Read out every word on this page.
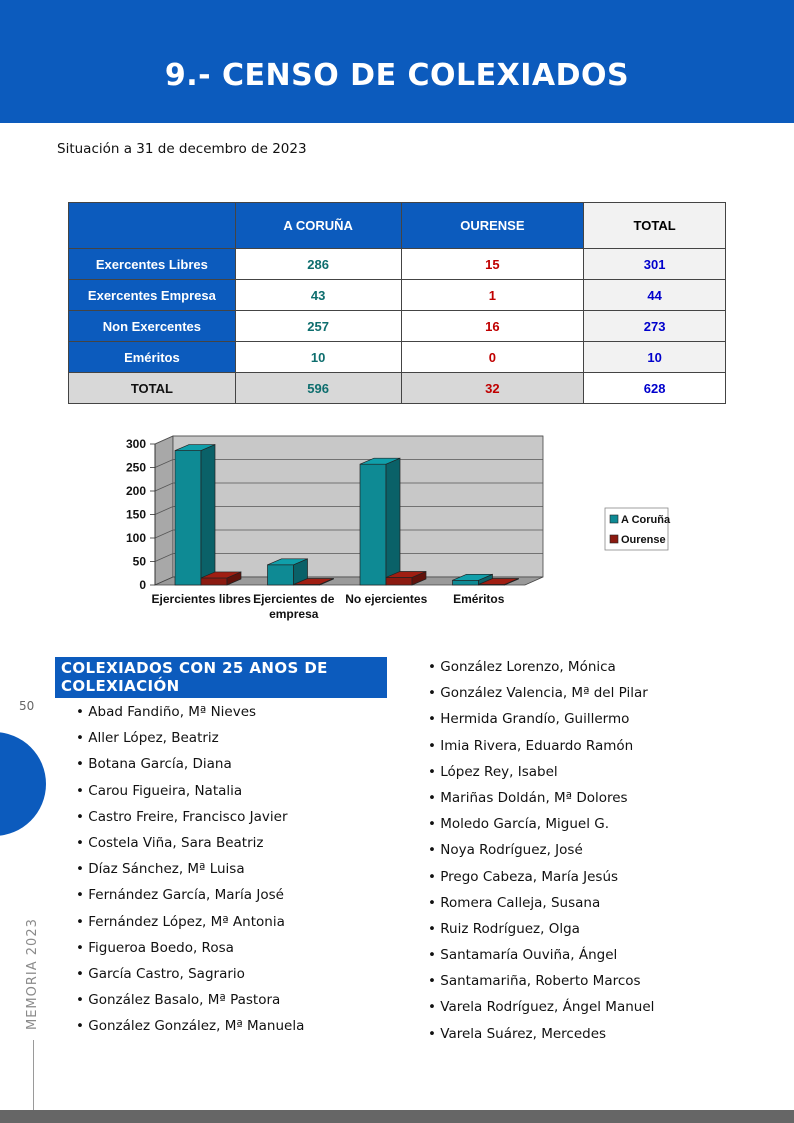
9.- CENSO DE COLEXIADOS
Situación a 31 de decembro de 2023
	A CORUÑA	OURENSE	TOTAL
Exercentes Libres	286	15	301
Exercentes Empresa	43	1	44
Non Exercentes	257	16	273
Eméritos	10	0	10
TOTAL	596	32	628
0
50
100
150
200
250
300
Ejercientes libres Ejercientes de empresa
No ejercientes Eméritos
A Coruña
Ourense
COLEXIADOS CON 25 ANOS DE COLEXIACIÓN
• Abad Fandiño, Mª Nieves
• Aller López, Beatriz
• Botana García, Diana
• Carou Figueira, Natalia
• Castro Freire, Francisco Javier
• Costela Viña, Sara Beatriz
• Díaz Sánchez, Mª Luisa
• Fernández García, María José
• Fernández López, Mª Antonia
• Figueroa Boedo, Rosa
• García Castro, Sagrario
• González Basalo, Mª Pastora
• González González, Mª Manuela
• González Lorenzo, Mónica
• González Valencia, Mª del Pilar
• Hermida Grandío, Guillermo
• Imia Rivera, Eduardo Ramón
• López Rey, Isabel
• Mariñas Doldán, Mª Dolores
• Moledo García, Miguel G.
• Noya Rodríguez, José
• Prego Cabeza, María Jesús
• Romera Calleja, Susana
• Ruiz Rodríguez, Olga
• Santamaría Ouviña, Ángel
• Santamariña, Roberto Marcos
• Varela Rodríguez, Ángel Manuel
• Varela Suárez, Mercedes
50
MEMORIA 2023
